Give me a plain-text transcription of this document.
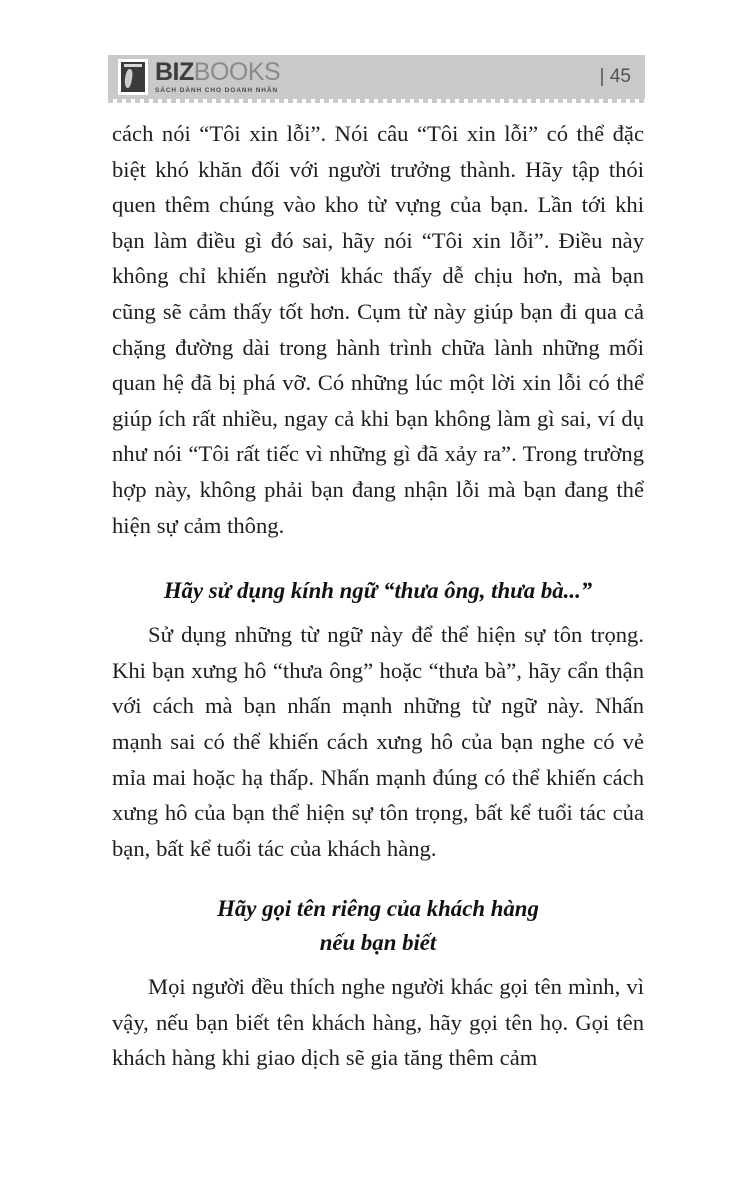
BIZBOOKS
SÁCH DÀNH CHO DOANH NHÂN
45

cách nói “Tôi xin lỗi”. Nói câu “Tôi xin lỗi” có thể đặc biệt khó khăn đối với người trưởng thành. Hãy tập thói quen thêm chúng vào kho từ vựng của bạn. Lần tới khi bạn làm điều gì đó sai, hãy nói “Tôi xin lỗi”. Điều này không chỉ khiến người khác thấy dễ chịu hơn, mà bạn cũng sẽ cảm thấy tốt hơn. Cụm từ này giúp bạn đi qua cả chặng đường dài trong hành trình chữa lành những mối quan hệ đã bị phá vỡ. Có những lúc một lời xin lỗi có thể giúp ích rất nhiều, ngay cả khi bạn không làm gì sai, ví dụ như nói “Tôi rất tiếc vì những gì đã xảy ra”. Trong trường hợp này, không phải bạn đang nhận lỗi mà bạn đang thể hiện sự cảm thông.

Hãy sử dụng kính ngữ “thưa ông, thưa bà...”

Sử dụng những từ ngữ này để thể hiện sự tôn trọng. Khi bạn xưng hô “thưa ông” hoặc “thưa bà”, hãy cẩn thận với cách mà bạn nhấn mạnh những từ ngữ này. Nhấn mạnh sai có thể khiến cách xưng hô của bạn nghe có vẻ mỉa mai hoặc hạ thấp. Nhấn mạnh đúng có thể khiến cách xưng hô của bạn thể hiện sự tôn trọng, bất kể tuổi tác của bạn, bất kể tuổi tác của khách hàng.

Hãy gọi tên riêng của khách hàng
nếu bạn biết

Mọi người đều thích nghe người khác gọi tên mình, vì vậy, nếu bạn biết tên khách hàng, hãy gọi tên họ. Gọi tên khách hàng khi giao dịch sẽ gia tăng thêm cảm
